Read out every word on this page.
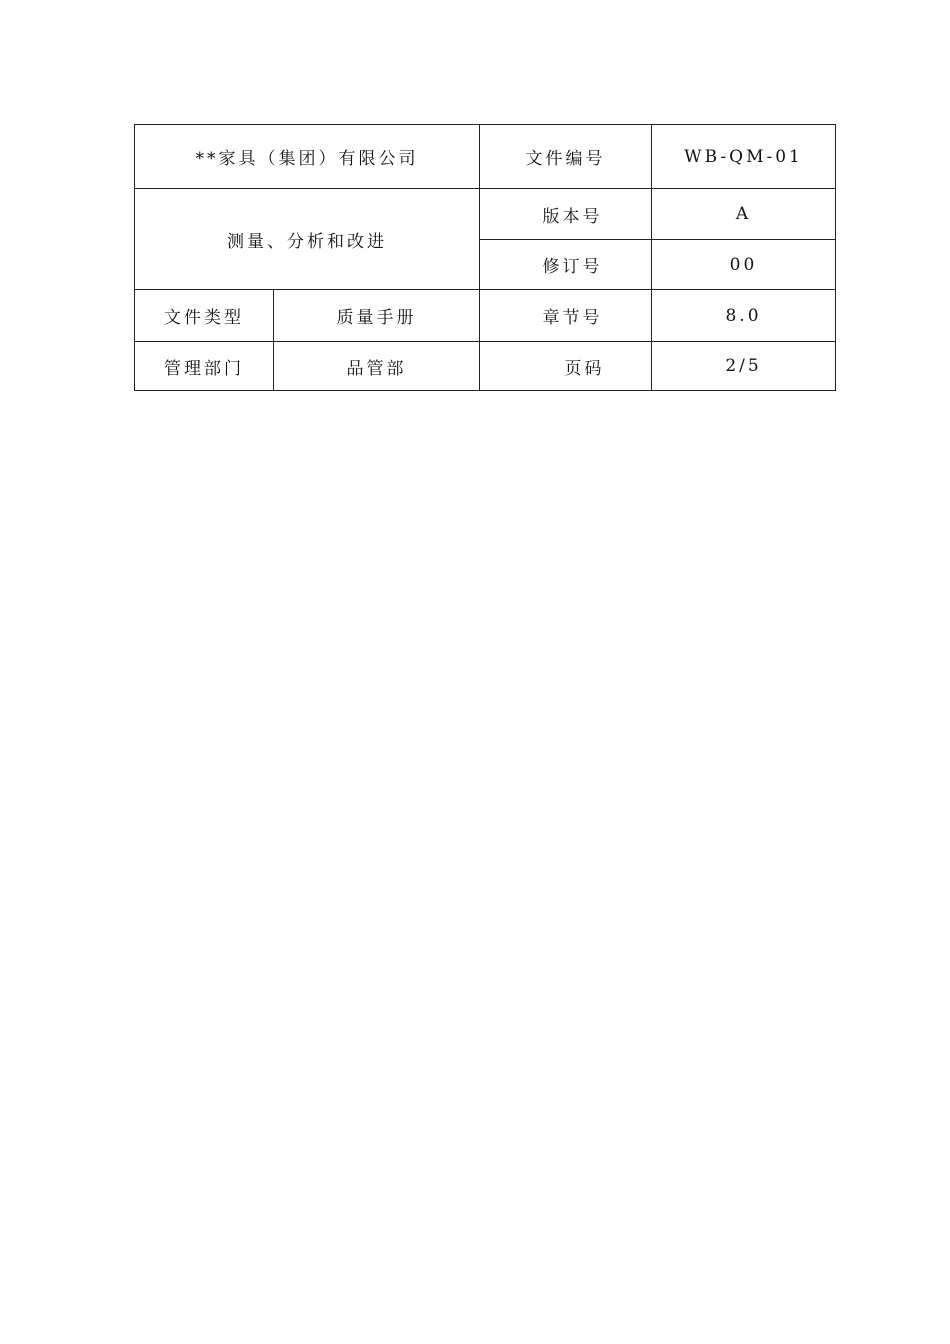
**家具（集团）有限公司		文件编号	WB-QM-01
测量、分析和改进		版本号	A
		修订号	00
文件类型	质量手册	章节号	8.0
管理部门	品管部	页码	2/5
